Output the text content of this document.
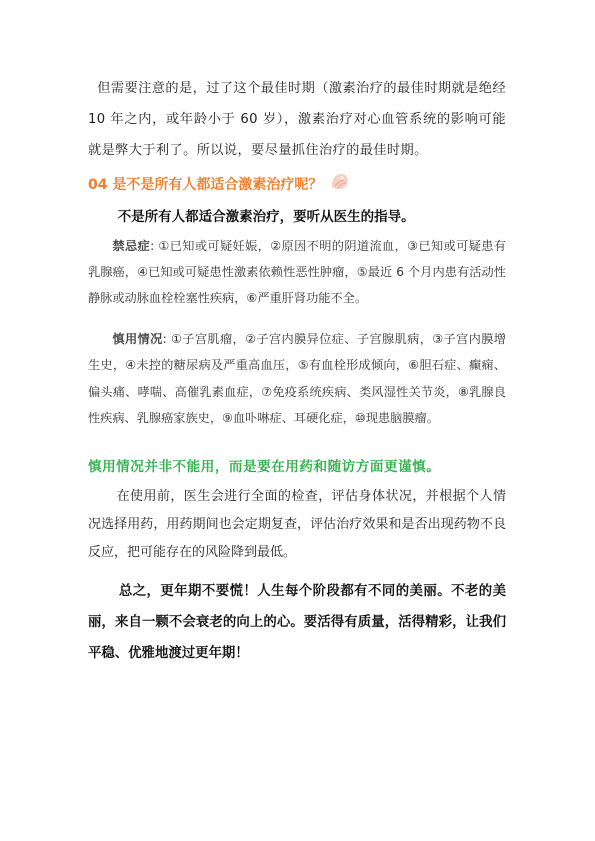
但需要注意的是，过了这个最佳时期（激素治疗的最佳时期就是绝经 10 年之内，或年龄小于 60 岁），激素治疗对心血管系统的影响可能就是弊大于利了。所以说，要尽量抓住治疗的最佳时期。

04 是不是所有人都适合激素治疗呢？

不是所有人都适合激素治疗，要听从医生的指导。

禁忌症: ①已知或可疑妊娠，②原因不明的阴道流血，③已知或可疑患有乳腺癌，④已知或可疑患性激素依赖性恶性肿瘤，⑤最近 6 个月内患有活动性静脉或动脉血栓栓塞性疾病，⑥严重肝肾功能不全。

慎用情况: ①子宫肌瘤，②子宫内膜异位症、子宫腺肌病，③子宫内膜增生史，④未控的糖尿病及严重高血压，⑤有血栓形成倾向，⑥胆石症、癫痫、偏头痛、哮喘、高催乳素血症，⑦免疫系统疾病、类风湿性关节炎，⑧乳腺良性疾病、乳腺癌家族史，⑨血卟啉症、耳硬化症，⑩现患脑膜瘤。

慎用情况并非不能用，而是要在用药和随访方面更谨慎。

在使用前，医生会进行全面的检查，评估身体状况，并根据个人情况选择用药，用药期间也会定期复查，评估治疗效果和是否出现药物不良反应，把可能存在的风险降到最低。

总之，更年期不要慌！人生每个阶段都有不同的美丽。不老的美丽，来自一颗不会衰老的向上的心。要活得有质量，活得精彩，让我们平稳、优雅地渡过更年期！
